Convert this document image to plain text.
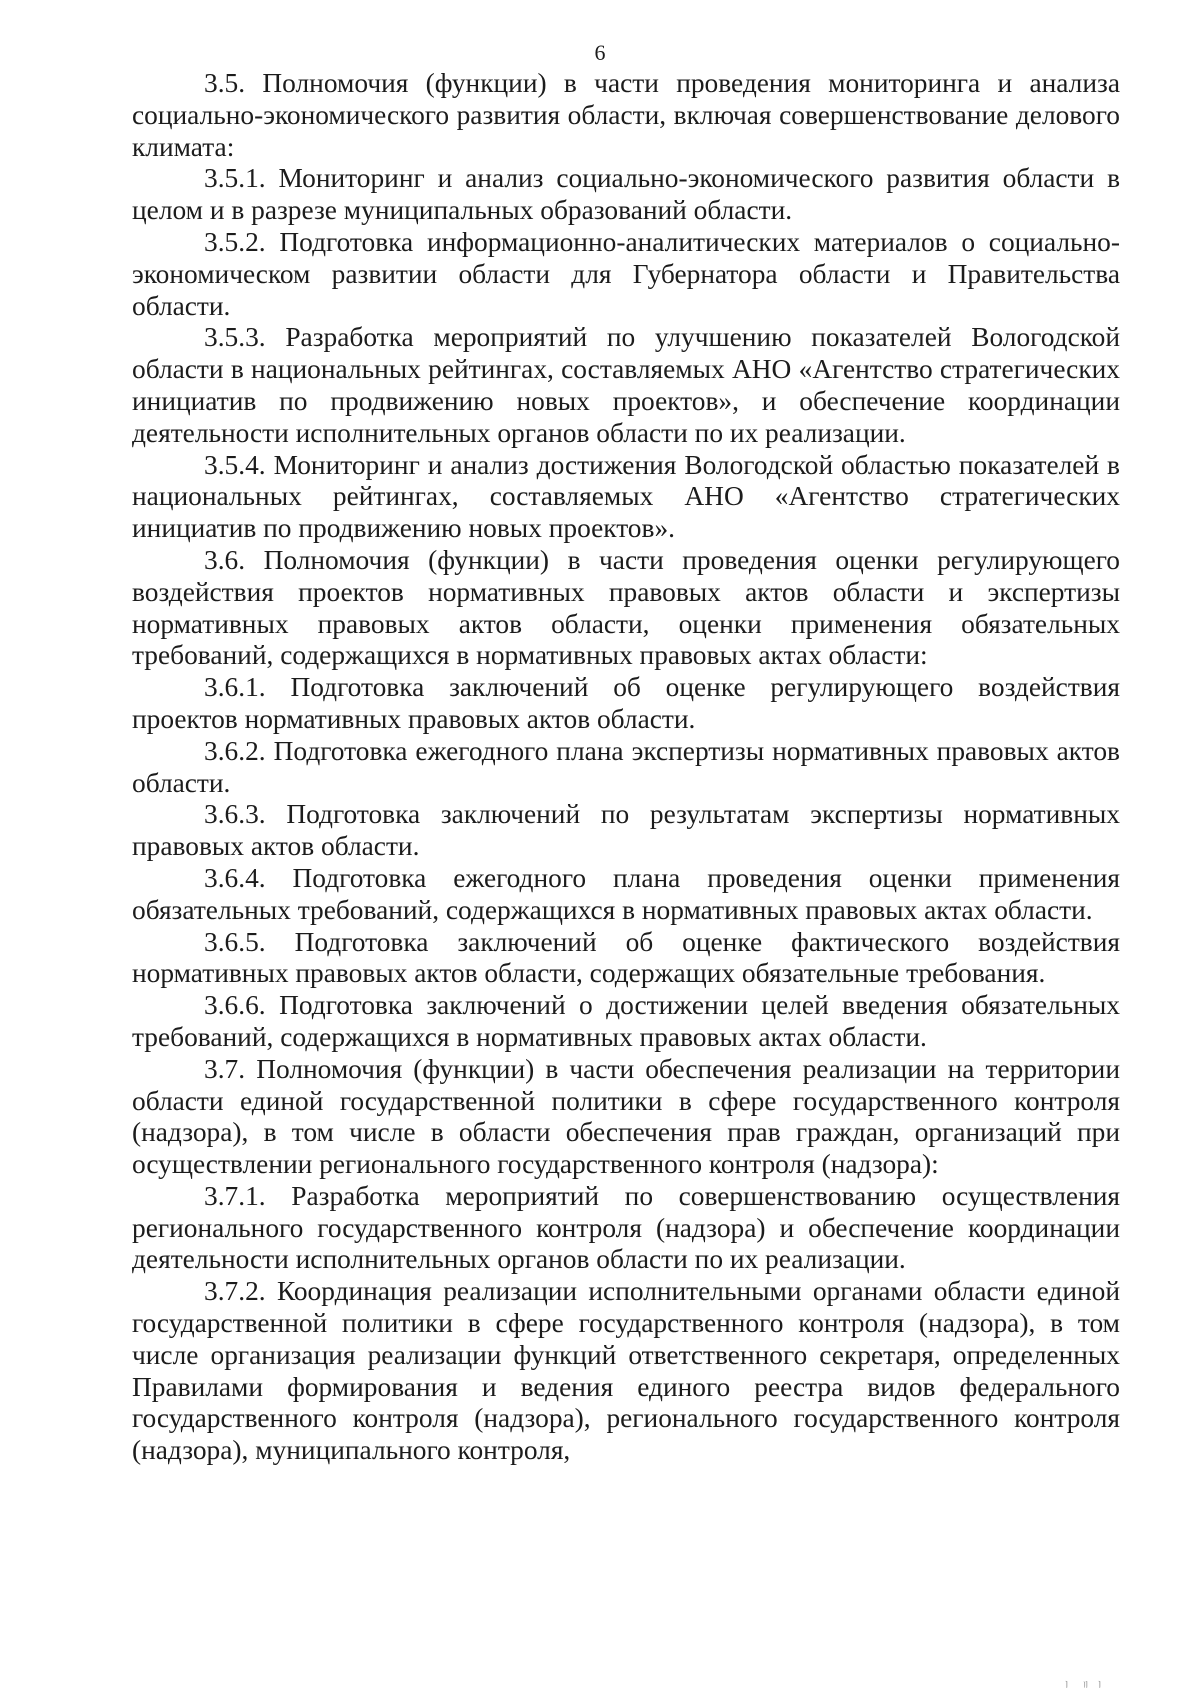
6

3.5. Полномочия (функции) в части проведения мониторинга и анализа социально-экономического развития области, включая совершенствование делового климата:

3.5.1. Мониторинг и анализ социально-экономического развития области в целом и в разрезе муниципальных образований области.

3.5.2. Подготовка информационно-аналитических материалов о социально-экономическом развитии области для Губернатора области и Правительства области.

3.5.3. Разработка мероприятий по улучшению показателей Вологодской области в национальных рейтингах, составляемых АНО «Агентство стратегических инициатив по продвижению новых проектов», и обеспечение координации деятельности исполнительных органов области по их реализации.

3.5.4. Мониторинг и анализ достижения Вологодской областью показателей в национальных рейтингах, составляемых АНО «Агентство стратегических инициатив по продвижению новых проектов».

3.6. Полномочия (функции) в части проведения оценки регулирующего воздействия проектов нормативных правовых актов области и экспертизы нормативных правовых актов области, оценки применения обязательных требований, содержащихся в нормативных правовых актах области:

3.6.1. Подготовка заключений об оценке регулирующего воздействия проектов нормативных правовых актов области.

3.6.2. Подготовка ежегодного плана экспертизы нормативных правовых актов области.

3.6.3. Подготовка заключений по результатам экспертизы нормативных правовых актов области.

3.6.4. Подготовка ежегодного плана проведения оценки применения обязательных требований, содержащихся в нормативных правовых актах области.

3.6.5. Подготовка заключений об оценке фактического воздействия нормативных правовых актов области, содержащих обязательные требования.

3.6.6. Подготовка заключений о достижении целей введения обязательных требований, содержащихся в нормативных правовых актах области.

3.7. Полномочия (функции) в части обеспечения реализации на территории области единой государственной политики в сфере государственного контроля (надзора), в том числе в области обеспечения прав граждан, организаций при осуществлении регионального государственного контроля (надзора):

3.7.1. Разработка мероприятий по совершенствованию осуществления регионального государственного контроля (надзора) и обеспечение координации деятельности исполнительных органов области по их реализации.

3.7.2. Координация реализации исполнительными органами области единой государственной политики в сфере государственного контроля (надзора), в том числе организация реализации функций ответственного секретаря, определенных Правилами формирования и ведения единого реестра видов федерального государственного контроля (надзора), регионального государственного контроля (надзора), муниципального контроля,

ᅵ ᅵᅵᅵ
